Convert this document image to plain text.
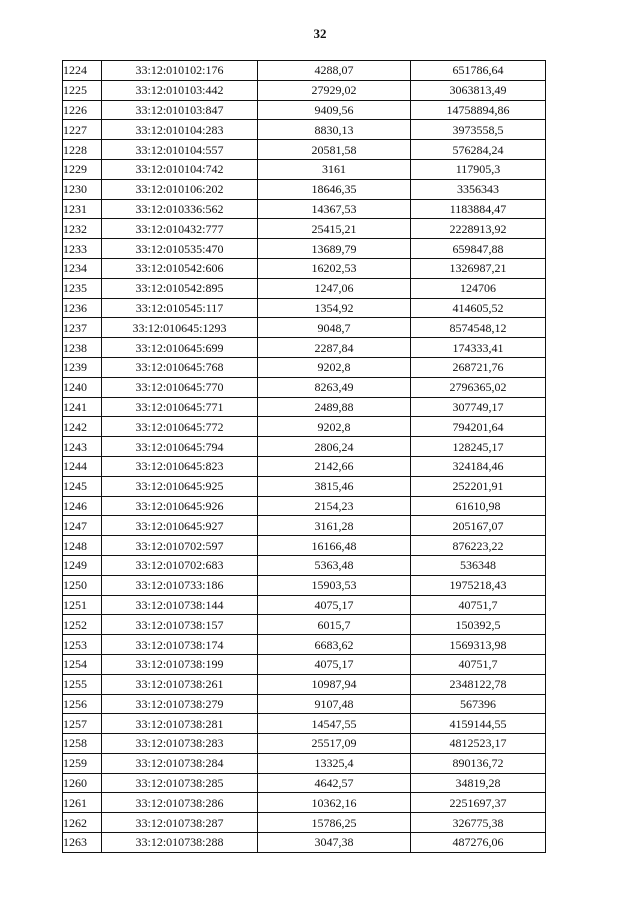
32
1224	33:12:010102:176	4288,07	651786,64
1225	33:12:010103:442	27929,02	3063813,49
1226	33:12:010103:847	9409,56	14758894,86
1227	33:12:010104:283	8830,13	3973558,5
1228	33:12:010104:557	20581,58	576284,24
1229	33:12:010104:742	3161	117905,3
1230	33:12:010106:202	18646,35	3356343
1231	33:12:010336:562	14367,53	1183884,47
1232	33:12:010432:777	25415,21	2228913,92
1233	33:12:010535:470	13689,79	659847,88
1234	33:12:010542:606	16202,53	1326987,21
1235	33:12:010542:895	1247,06	124706
1236	33:12:010545:117	1354,92	414605,52
1237	33:12:010645:1293	9048,7	8574548,12
1238	33:12:010645:699	2287,84	174333,41
1239	33:12:010645:768	9202,8	268721,76
1240	33:12:010645:770	8263,49	2796365,02
1241	33:12:010645:771	2489,88	307749,17
1242	33:12:010645:772	9202,8	794201,64
1243	33:12:010645:794	2806,24	128245,17
1244	33:12:010645:823	2142,66	324184,46
1245	33:12:010645:925	3815,46	252201,91
1246	33:12:010645:926	2154,23	61610,98
1247	33:12:010645:927	3161,28	205167,07
1248	33:12:010702:597	16166,48	876223,22
1249	33:12:010702:683	5363,48	536348
1250	33:12:010733:186	15903,53	1975218,43
1251	33:12:010738:144	4075,17	40751,7
1252	33:12:010738:157	6015,7	150392,5
1253	33:12:010738:174	6683,62	1569313,98
1254	33:12:010738:199	4075,17	40751,7
1255	33:12:010738:261	10987,94	2348122,78
1256	33:12:010738:279	9107,48	567396
1257	33:12:010738:281	14547,55	4159144,55
1258	33:12:010738:283	25517,09	4812523,17
1259	33:12:010738:284	13325,4	890136,72
1260	33:12:010738:285	4642,57	34819,28
1261	33:12:010738:286	10362,16	2251697,37
1262	33:12:010738:287	15786,25	326775,38
1263	33:12:010738:288	3047,38	487276,06
